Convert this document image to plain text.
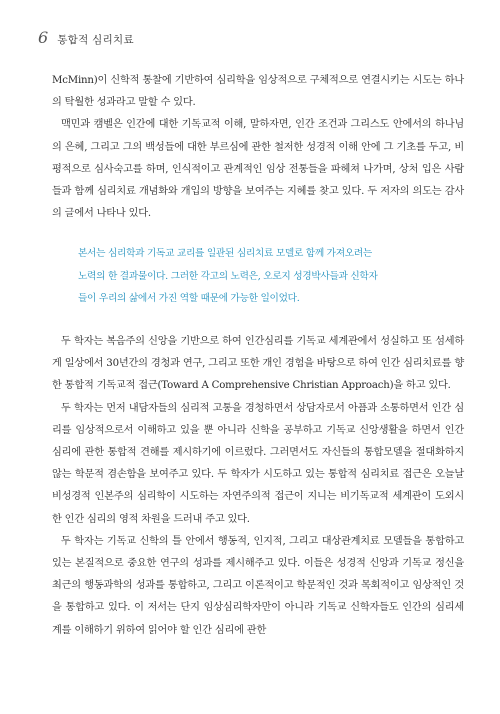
6 통합적 심리치료

McMinn)이 신학적 통찰에 기반하여 심리학을 임상적으로 구체적으로 연결시키는 시도는 하나의 탁월한 성과라고 말할 수 있다.

맥민과 캠벨은 인간에 대한 기독교적 이해, 말하자면, 인간 조건과 그리스도 안에서의 하나님의 은혜, 그리고 그의 백성들에 대한 부르심에 관한 철저한 성경적 이해 안에 그 기초를 두고, 비평적으로 심사숙고를 하며, 인식적이고 관계적인 임상 전통들을 파헤쳐 나가며, 상처 입은 사람들과 함께 심리치료 개념화와 개입의 방향을 보여주는 지혜를 찾고 있다. 두 저자의 의도는 감사의 글에서 나타나 있다.

본서는 심리학과 기독교 교리를 일관된 심리치료 모델로 함께 가져오려는
노력의 한 결과물이다. 그러한 각고의 노력은, 오로지 성경박사들과 신학자
들이 우리의 삶에서 가진 역할 때문에 가능한 일이었다.

두 학자는 복음주의 신앙을 기반으로 하여 인간심리를 기독교 세계관에서 성실하고 또 섬세하게 일상에서 30년간의 경청과 연구, 그리고 또한 개인 경험을 바탕으로 하여 인간 심리치료를 향한 통합적 기독교적 접근(Toward A Comprehensive Christian Approach)을 하고 있다.

두 학자는 먼저 내담자들의 심리적 고통을 경청하면서 상담자로서 아픔과 소통하면서 인간 심리를 임상적으로서 이해하고 있을 뿐 아니라 신학을 공부하고 기독교 신앙생활을 하면서 인간 심리에 관한 통합적 견해를 제시하기에 이르렀다. 그러면서도 자신들의 통합모델을 절대화하지 않는 학문적 겸손함을 보여주고 있다. 두 학자가 시도하고 있는 통합적 심리치료 접근은 오늘날 비성경적 인본주의 심리학이 시도하는 자연주의적 접근이 지니는 비기독교적 세계관이 도외시한 인간 심리의 영적 차원을 드러내 주고 있다.

두 학자는 기독교 신학의 틀 안에서 행동적, 인지적, 그리고 대상관계치료 모델들을 통합하고 있는 본질적으로 중요한 연구의 성과를 제시해주고 있다. 이들은 성경적 신앙과 기독교 정신을 최근의 행동과학의 성과를 통합하고, 그리고 이론적이고 학문적인 것과 목회적이고 임상적인 것을 통합하고 있다. 이 저서는 단지 임상심리학자만이 아니라 기독교 신학자들도 인간의 심리세계를 이해하기 위하여 읽어야 할 인간 심리에 관한
